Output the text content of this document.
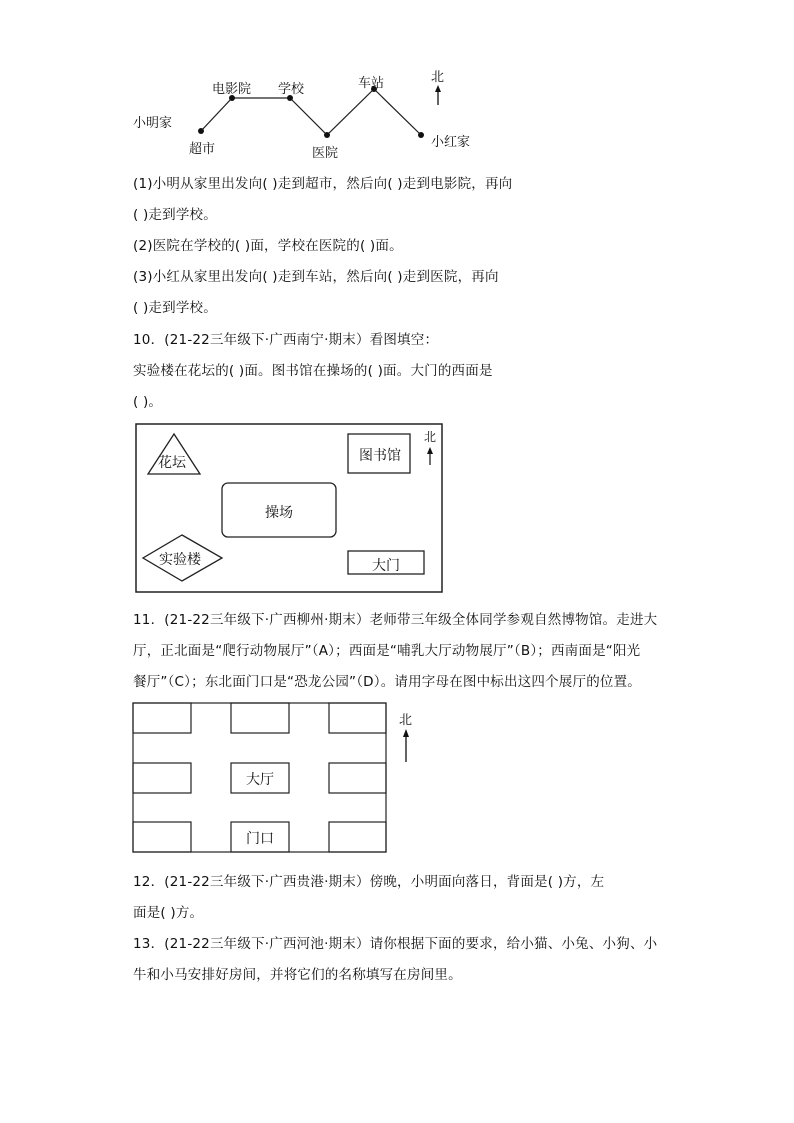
小明家
超市
电影院 学校
医院
车站
小红家
北
(1)小明从家里出发向( )走到超市，然后向( )走到电影院，再向
( )走到学校。
(2)医院在学校的( )面，学校在医院的( )面。
(3)小红从家里出发向( )走到车站，然后向( )走到医院，再向
( )走到学校。
10．(21-22三年级下·广西南宁·期末）看图填空：
实验楼在花坛的( )面。图书馆在操场的( )面。大门的西面是
( )。
花坛	图书馆
操场
实验楼	大门
北
11．(21-22三年级下·广西柳州·期末）老师带三年级全体同学参观自然博物馆。走进大
厅，正北面是“爬行动物展厅”（A）；西面是“哺乳大厅动物展厅”（B）；西南面是“阳光
餐厅”（C）；东北面门口是“恐龙公园”（D）。请用字母在图中标出这四个展厅的位置。
大厅
门口
北
12．(21-22三年级下·广西贵港·期末）傍晚，小明面向落日，背面是( )方，左
面是( )方。
13．(21-22三年级下·广西河池·期末）请你根据下面的要求，给小猫、小兔、小狗、小
牛和小马安排好房间，并将它们的名称填写在房间里。
